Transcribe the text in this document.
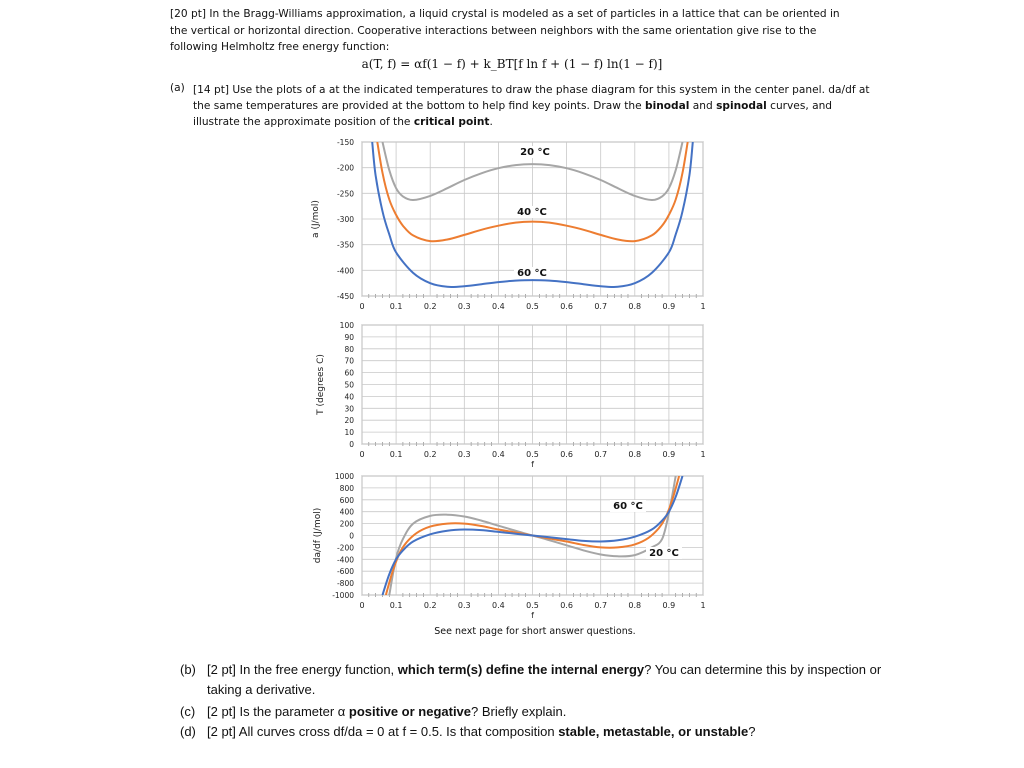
[20 pt] In the Bragg-Williams approximation, a liquid crystal is modeled as a set of particles in a lattice that can be oriented in the vertical or horizontal direction. Cooperative interactions between neighbors with the same orientation give rise to the following Helmholtz free energy function:

a(T, f) = αf(1 − f) + k_BT[f ln f + (1 − f) ln(1 − f)]

(a) [14 pt] Use the plots of a at the indicated temperatures to draw the phase diagram for this system in the center panel. da/df at the same temperatures are provided at the bottom to help find key points. Draw the binodal and spinodal curves, and illustrate the approximate position of the critical point.

0	0.1	0.2	0.3	0.4	0.5	0.6	0.7	0.8	0.9	1
-150
-200
-250
-300
-350
-400
-450
a (J/mol)
20 °C
40 °C
60 °C
0	0.1	0.2	0.3	0.4	0.5	0.6	0.7	0.8	0.9	1
100
90
80
70
60
50
40
30
20
10
0
T (degrees C)
f
0	0.1	0.2	0.3	0.4	0.5	0.6	0.7	0.8	0.9	1
1000
800
600
400
200
0
-200
-400
-600
-800
-1000
da/df (J/mol)
f
60 °C
20 °C

See next page for short answer questions.

(b) [2 pt] In the free energy function, which term(s) define the internal energy? You can determine this by inspection or taking a derivative.

(c) [2 pt] Is the parameter α positive or negative? Briefly explain.

(d) [2 pt] All curves cross df/da = 0 at f = 0.5. Is that composition stable, metastable, or unstable?
